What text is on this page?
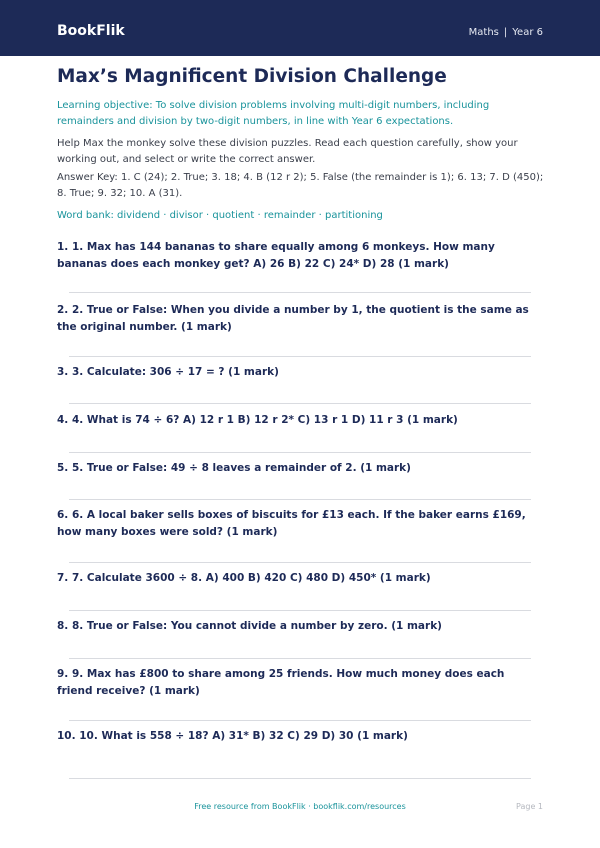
BookFlik	Maths | Year 6
Max’s Magnificent Division Challenge

Learning objective: To solve division problems involving multi-digit numbers, including remainders and division by two-digit numbers, in line with Year 6 expectations.

Help Max the monkey solve these division puzzles. Read each question carefully, show your working out, and select or write the correct answer.

Answer Key: 1. C (24); 2. True; 3. 18; 4. B (12 r 2); 5. False (the remainder is 1); 6. 13; 7. D (450); 8. True; 9. 32; 10. A (31).

Word bank: dividend · divisor · quotient · remainder · partitioning

1. 1. Max has 144 bananas to share equally among 6 monkeys. How many bananas does each monkey get? A) 26 B) 22 C) 24* D) 28 (1 mark)

2. 2. True or False: When you divide a number by 1, the quotient is the same as the original number. (1 mark)

3. 3. Calculate: 306 ÷ 17 = ? (1 mark)

4. 4. What is 74 ÷ 6? A) 12 r 1 B) 12 r 2* C) 13 r 1 D) 11 r 3 (1 mark)

5. 5. True or False: 49 ÷ 8 leaves a remainder of 2. (1 mark)

6. 6. A local baker sells boxes of biscuits for £13 each. If the baker earns £169, how many boxes were sold? (1 mark)

7. 7. Calculate 3600 ÷ 8. A) 400 B) 420 C) 480 D) 450* (1 mark)

8. 8. True or False: You cannot divide a number by zero. (1 mark)

9. 9. Max has £800 to share among 25 friends. How much money does each friend receive? (1 mark)

10. 10. What is 558 ÷ 18? A) 31* B) 32 C) 29 D) 30 (1 mark)

Free resource from BookFlik · bookflik.com/resources	Page 1
